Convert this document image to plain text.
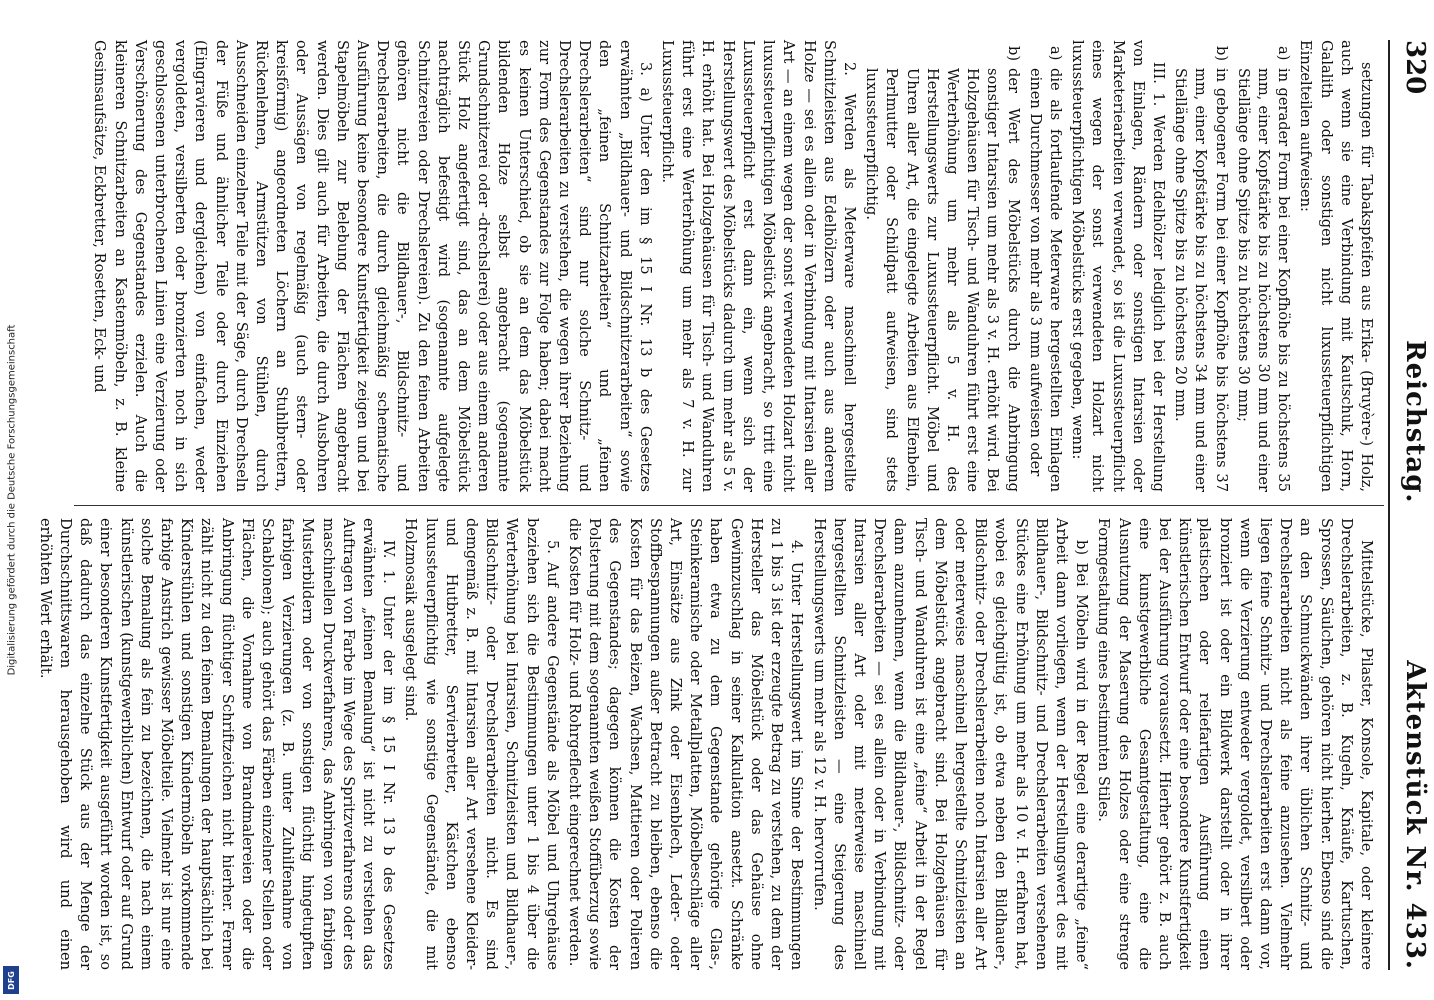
Digitalisierung gefördert durch die Deutsche Forschungsgemeinschaft
DFG
320
Reichstag.
Aktenstück Nr. 433.

setzungen für Tabakspfeifen aus Erika- (Bruyère-) Holz, auch wenn sie eine Verbindung mit Kautschuk, Horn, Galalith oder sonstigen nicht luxussteuerpflichtigen Einzelteilen aufweisen:

a)in gerader Form bei einer Kopfhöhe bis zu höchstens 35 mm, einer Kopfstärke bis zu höchstens 30 mm und einer Stiellänge ohne Spitze bis zu höchstens 30 mm;

b)in gebogener Form bei einer Kopfhöhe bis höchstens 37 mm, einer Kopfstärke bis zu höchstens 34 mm und einer Stiellänge ohne Spitze bis zu höchstens 20 mm.

III. 1. Werden Edelhölzer lediglich bei der Herstellung von Einlagen, Rändern oder sonstigen Intarsien oder Marketeriearbeiten verwendet, so ist die Luxussteuerpflicht eines wegen der sonst verwendeten Holzart nicht luxussteuerpflichtigen Möbelstücks erst gegeben, wenn:

a)die als fortlaufende Meterware hergestellten Einlagen einen Durchmesser von mehr als 3 mm aufweisen oder

b)der Wert des Möbelstücks durch die Anbringung sonstiger Intarsien um mehr als 3 v. H. erhöht wird. Bei Holzgehäusen für Tisch- und Wanduhren führt erst eine Werterhöhung um mehr als 5 v. H. des Herstellungswerts zur Luxussteuerpflicht. Möbel und Uhren aller Art, die eingelegte Arbeiten aus Elfenbein, Perlmutter oder Schildpatt aufweisen, sind stets luxussteuerpflichtig.

2. Werden als Meterware maschinell hergestellte Schnitzleisten aus Edelhölzern oder auch aus anderem Holze — sei es allein oder in Verbindung mit Intarsien aller Art — an einem wegen der sonst verwendeten Holzart nicht luxussteuerpflichtigen Möbelstück angebracht, so tritt eine Luxussteuerpflicht erst dann ein, wenn sich der Herstellungswert des Möbelstücks dadurch um mehr als 5 v. H. erhöht hat. Bei Holzgehäusen für Tisch- und Wanduhren führt erst eine Werterhöhung um mehr als 7 v. H. zur Luxussteuerpflicht.

3. a) Unter den im § 15 I Nr. 13 b des Gesetzes erwähnten „Bildhauer- und Bildschnitzerarbeiten“ sowie den „feinen Schnitzarbeiten“ und „feinen Drechslerarbeiten“ sind nur solche Schnitz- und Drechslerarbeiten zu verstehen, die wegen ihrer Beziehung zur Form des Gegenstandes zur Folge haben; dabei macht es keinen Unterschied, ob sie an dem das Möbelstück bildenden Holze selbst angebracht (sogenannte Grundschnitzerei oder -drechslerei) oder aus einem anderen Stück Holz angefertigt sind, das an dem Möbelstück nachträglich befestigt wird (sogenannte aufgelegte Schnitzereien oder Drechslereien). Zu den feinen Arbeiten gehören nicht die Bildhauer-, Bildschnitz- und Drechslerarbeiten, die durch gleichmäßig schematische Ausführung keine besondere Kunstfertigkeit zeigen und bei Stapelmöbeln zur Belebung der Flächen angebracht werden. Dies gilt auch für Arbeiten, die durch Ausbohren oder Aussägen von regelmäßig (auch stern- oder kreisförmig) angeordneten Löchern an Stuhlbrettern, Rückenlehnen, Armstützen von Stühlen, durch Ausschneiden einzelner Teile mit der Säge, durch Drechseln der Füße und ähnlicher Teile oder durch Einziehen (Eingravieren und dergleichen) von einfachen, weder vergoldeten, versilberten oder bronzierten noch in sich geschlossenen unterbrochenen Linien eine Verzierung oder Verschönerung des Gegenstandes erzielen. Auch die kleineren Schnitzarbeiten an Kastenmöbeln, z. B. kleine Gesimsaufsätze, Eckbretter, Rosetten, Eck- und

Mittelstücke, Pilaster, Konsole, Kapitale, oder kleinere Drechslerarbeiten, z. B. Kugeln, Knäufe, Kartuschen, Sprossen, Säulchen, gehören nicht hierher. Ebenso sind die an den Schmuckwänden ihrer üblichen Schnitz- und Drechslerarbeiten nicht als feine anzusehen. Vielmehr liegen feine Schnitz- und Drechslerarbeiten erst dann vor, wenn die Verzierung entweder vergoldet, versilbert oder bronziert ist oder ein Bildwerk darstellt oder in ihrer plastischen oder reliefartigen Ausführung einen künstlerischen Entwurf oder eine besondere Kunstfertigkeit bei der Ausführung voraussetzt. Hierher gehört z. B. auch eine kunstgewerbliche Gesamtgestaltung, eine die Ausnutzung der Maserung des Holzes oder eine strenge Formgestaltung eines bestimmten Stiles.

b) Bei Möbeln wird in der Regel eine derartige „feine“ Arbeit dann vorliegen, wenn der Herstellungswert des mit Bildhauer-, Bildschnitz- und Drechslerarbeiten versehenen Stückes eine Erhöhung um mehr als 10 v. H. erfahren hat, wobei es gleichgültig ist, ob etwa neben den Bildhauer-, Bildschnitz- oder Drechslerarbeiten noch Intarsien aller Art oder meterweise maschinell hergestellte Schnitzleisten an dem Möbelstück angebracht sind. Bei Holzgehäusen für Tisch- und Wanduhren ist eine „feine“ Arbeit in der Regel dann anzunehmen, wenn die Bildhauer-, Bildschnitz- oder Drechslerarbeiten — sei es allein oder in Verbindung mit Intarsien aller Art oder mit meterweise maschinell hergestellten Schnitzleisten — eine Steigerung des Herstellungswerts um mehr als 12 v. H. hervorrufen.

4. Unter Herstellungswert im Sinne der Bestimmungen zu 1 bis 3 ist der erzeugte Betrag zu verstehen, zu dem der Hersteller das Möbelstück oder das Gehäuse ohne Gewinnzuschlag in seiner Kalkulation ansetzt. Schränke haben etwa zu dem Gegenstande gehörige Glas-, Steinkeramische oder Metallplatten, Möbelbeschläge aller Art, Einsätze aus Zink oder Eisenblech, Leder- oder Stoffbespannungen außer Betracht zu bleiben, ebenso die Kosten für das Beizen, Wachsen, Mattieren oder Polieren des Gegenstandes; dagegen können die Kosten der Polsterung mit dem sogenannten weißen Stoffüberzug sowie die Kosten für Holz- und Rohrgeflecht eingerechnet werden.

5. Auf andere Gegenstände als Möbel und Uhrgehäuse beziehen sich die Bestimmungen unter 1 bis 4 über die Werterhöhung bei Intarsien, Schnitzleisten und Bildhauer-, Bildschnitz- oder Drechslerarbeiten nicht. Es sind demgemäß z. B. mit Intarsien aller Art versehene Kleider- und Hutbretter, Servierbretter, Kästchen ebenso luxussteuerpflichtig wie sonstige Gegenstände, die mit Holzmosaik ausgelegt sind.

IV. 1. Unter der im § 15 I Nr. 13 b des Gesetzes erwähnten „feinen Bemalung“ ist nicht zu verstehen das Auftragen von Farbe im Wege des Spritzverfahrens oder des maschinellen Druckverfahrens, das Anbringen von farbigen Musterbildern oder von sonstigen flüchtig hingetupften farbigen Verzierungen (z. B. unter Zuhilfenahme von Schablonen); auch gehört das Färben einzelner Stellen oder Flächen, die Vornahme von Brandmalereien oder die Anbringung flüchtiger Schriftzeichen nicht hierher. Ferner zählt nicht zu den feinen Bemalungen der hauptsächlich bei Kinderstühlen und sonstigen Kindermöbeln vorkommende farbige Anstrich gewisser Möbelteile. Vielmehr ist nur eine solche Bemalung als fein zu bezeichnen, die nach einem künstlerischen (kunstgewerblichen) Entwurf oder auf Grund einer besonderen Kunstfertigkeit ausgeführt worden ist, so daß dadurch das einzelne Stück aus der Menge der Durchschnittswaren herausgehoben wird und einen erhöhten Wert erhält.
